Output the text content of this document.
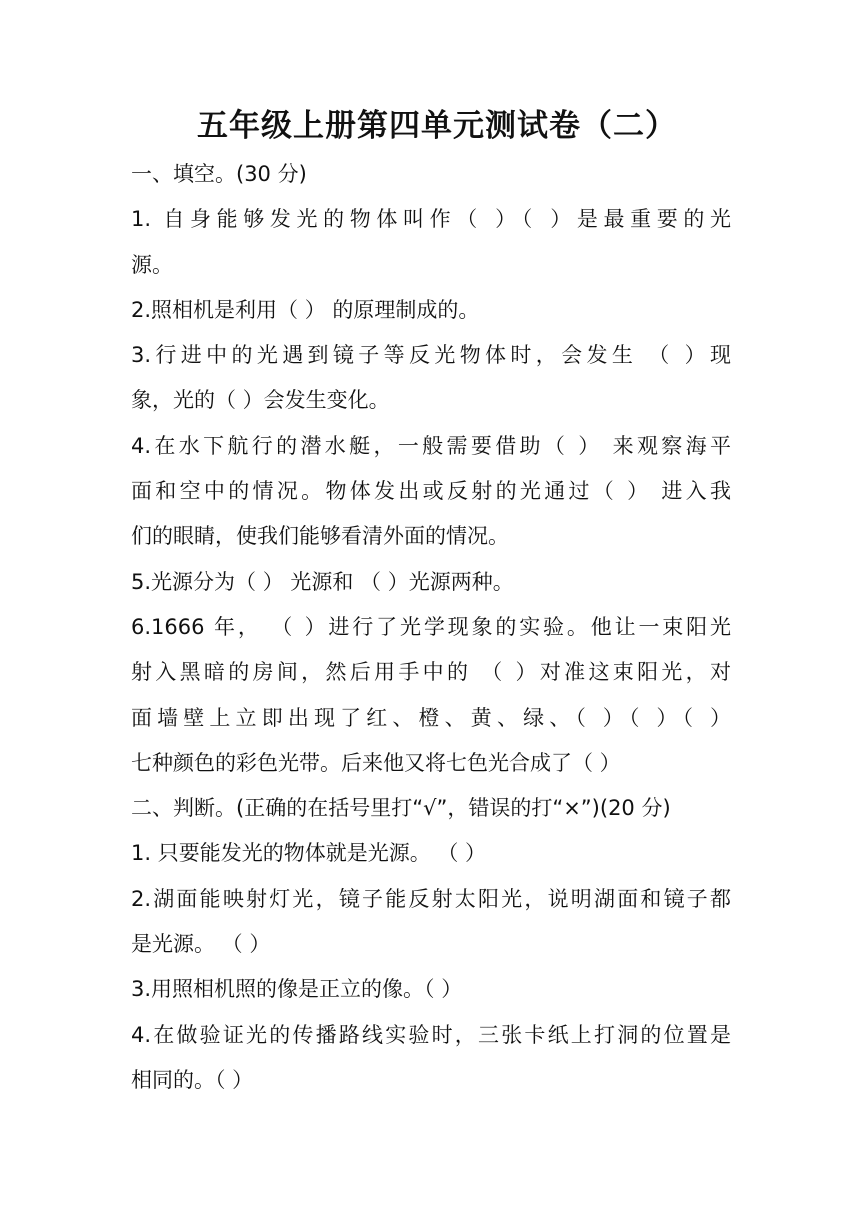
五年级上册第四单元测试卷（二）

一、填空。(30 分)

1. 自身能够发光的物体叫作（ ）（ ）是最重要的光

源。

2.照相机是利用（ ） 的原理制成的。

3.行进中的光遇到镜子等反光物体时，会发生 （ ）现

象，光的（ ）会发生变化。

4.在水下航行的潜水艇，一般需要借助（ ） 来观察海平

面和空中的情况。物体发出或反射的光通过（ ） 进入我

们的眼睛，使我们能够看清外面的情况。

5.光源分为（ ） 光源和 （ ）光源两种。

6.1666 年， （ ）进行了光学现象的实验。他让一束阳光

射入黑暗的房间，然后用手中的 （ ）对准这束阳光，对

面墙壁上立即出现了红、橙、黄、绿、（ ）（ ）（ ）

七种颜色的彩色光带。后来他又将七色光合成了（ ）

二、判断。(正确的在括号里打“√”，错误的打“×”)(20 分)

1. 只要能发光的物体就是光源。 （ ）

2.湖面能映射灯光，镜子能反射太阳光，说明湖面和镜子都

是光源。 （ ）

3.用照相机照的像是正立的像。（ ）

4.在做验证光的传播路线实验时，三张卡纸上打洞的位置是

相同的。（ ）
